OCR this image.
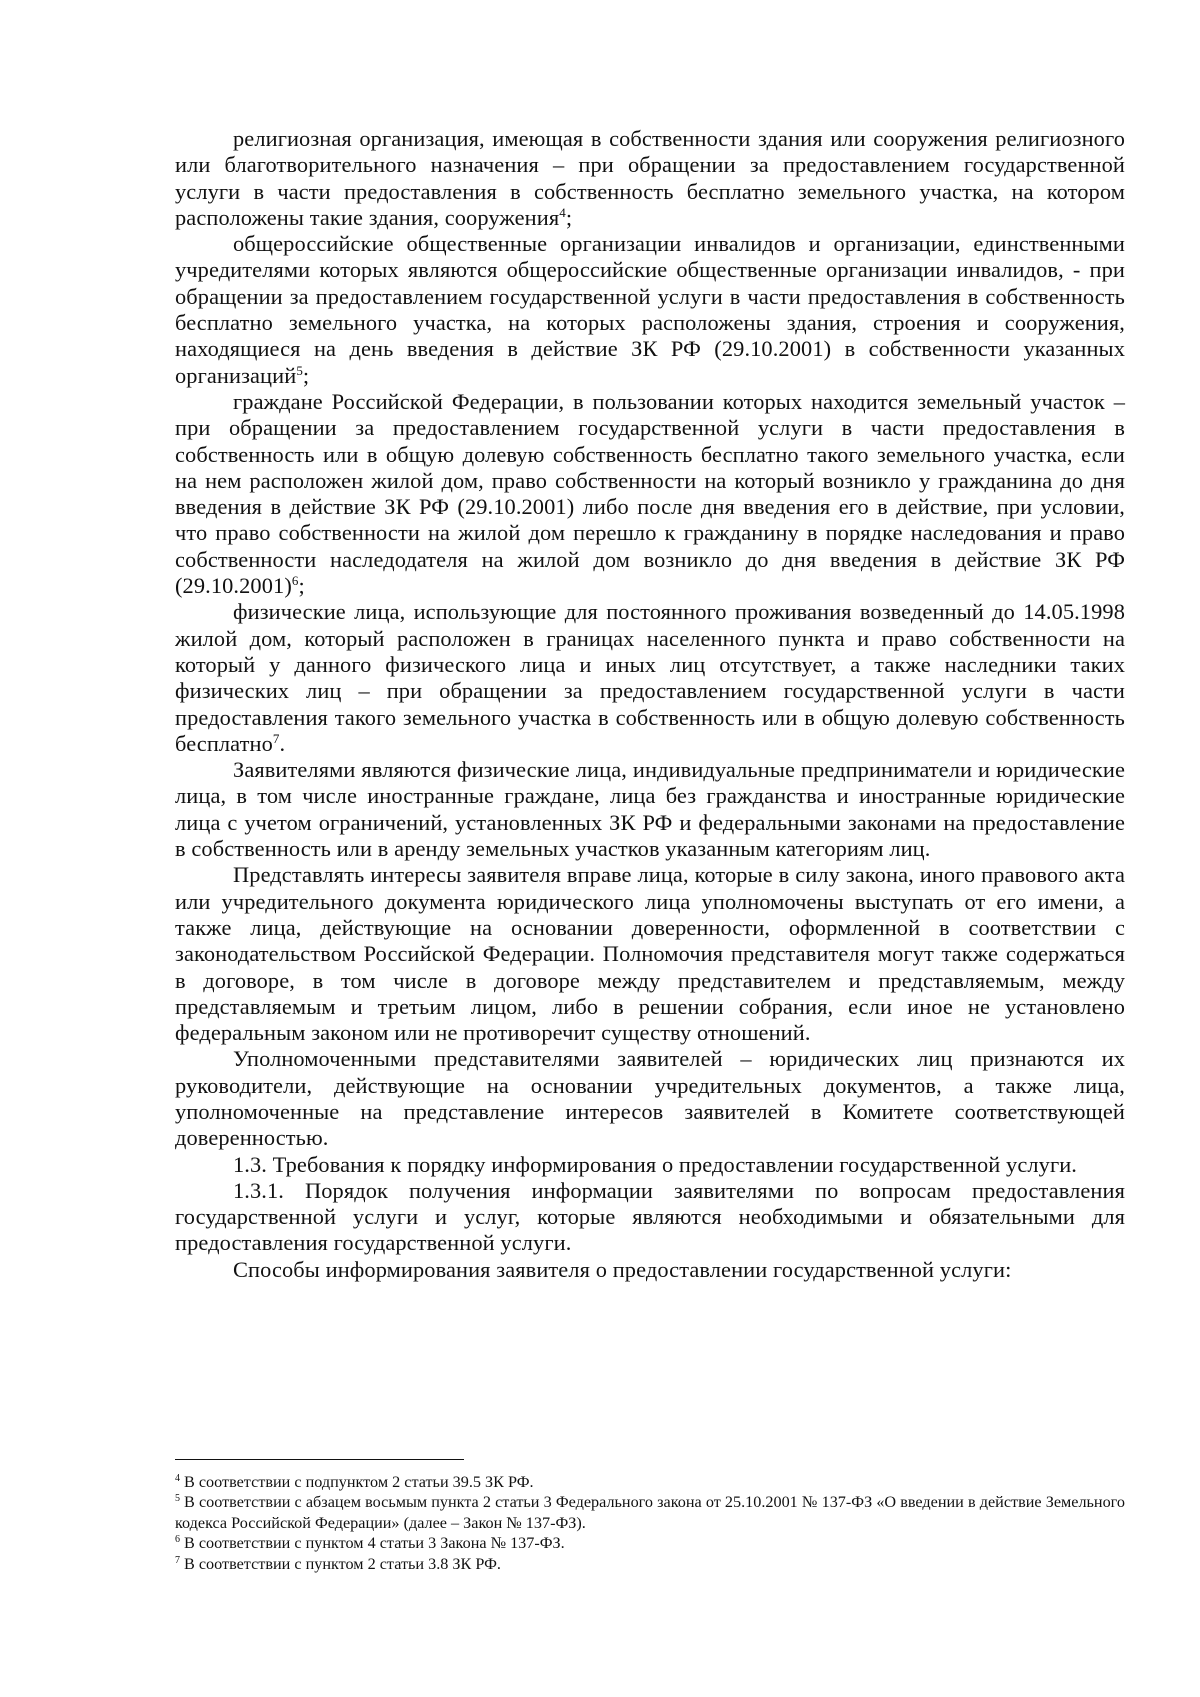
религиозная организация, имеющая в собственности здания или сооружения религиозного или благотворительного назначения – при обращении за предоставлением государственной услуги в части предоставления в собственность бесплатно земельного участка, на котором расположены такие здания, сооружения$^4$;

общероссийские общественные организации инвалидов и организации, единственными учредителями которых являются общероссийские общественные организации инвалидов, - при обращении за предоставлением государственной услуги в части предоставления в собственность бесплатно земельного участка, на которых расположены здания, строения и сооружения, находящиеся на день введения в действие ЗК РФ (29.10.2001) в собственности указанных организаций$^5$;

граждане Российской Федерации, в пользовании которых находится земельный участок – при обращении за предоставлением государственной услуги в части предоставления в собственность или в общую долевую собственность бесплатно такого земельного участка, если на нем расположен жилой дом, право собственности на который возникло у гражданина до дня введения в действие ЗК РФ (29.10.2001) либо после дня введения его в действие, при условии, что право собственности на жилой дом перешло к гражданину в порядке наследования и право собственности наследодателя на жилой дом возникло до дня введения в действие ЗК РФ $(29.10.2001)^6$;

физические лица, использующие для постоянного проживания возведенный до 14.05.1998 жилой дом, который расположен в границах населенного пункта и право собственности на который у данного физического лица и иных лиц отсутствует, а также наследники таких физических лиц – при обращении за предоставлением государственной услуги в части предоставления такого земельного участка в собственность или в общую долевую собственность бесплатно$^7$.

Заявителями являются физические лица, индивидуальные предприниматели и юридические лица, в том числе иностранные граждане, лица без гражданства и иностранные юридические лица с учетом ограничений, установленных ЗК РФ и федеральными законами на предоставление в собственность или в аренду земельных участков указанным категориям лиц.

Представлять интересы заявителя вправе лица, которые в силу закона, иного правового акта или учредительного документа юридического лица уполномочены выступать от его имени, а также лица, действующие на основании доверенности, оформленной в соответствии с законодательством Российской Федерации. Полномочия представителя могут также содержаться в договоре, в том числе в договоре между представителем и представляемым, между представляемым и третьим лицом, либо в решении собрания, если иное не установлено федеральным законом или не противоречит существу отношений.

Уполномоченными представителями заявителей – юридических лиц признаются их руководители, действующие на основании учредительных документов, а также лица, уполномоченные на представление интересов заявителей в Комитете соответствующей доверенностью.

1.3. Требования к порядку информирования о предоставлении государственной услуги.

1.3.1. Порядок получения информации заявителями по вопросам предоставления государственной услуги и услуг, которые являются необходимыми и обязательными для предоставления государственной услуги.

Способы информирования заявителя о предоставлении государственной услуги:

$^4$ В соответствии с подпунктом 2 статьи 39.5 ЗК РФ.

$^5$ В соответствии с абзацем восьмым пункта 2 статьи 3 Федерального закона от 25.10.2001 № 137-ФЗ «О введении в действие Земельного кодекса Российской Федерации» (далее – Закон № 137-ФЗ).

$^6$ В соответствии с пунктом 4 статьи 3 Закона № 137-ФЗ.

$^7$ В соответствии с пунктом 2 статьи 3.8 ЗК РФ.
